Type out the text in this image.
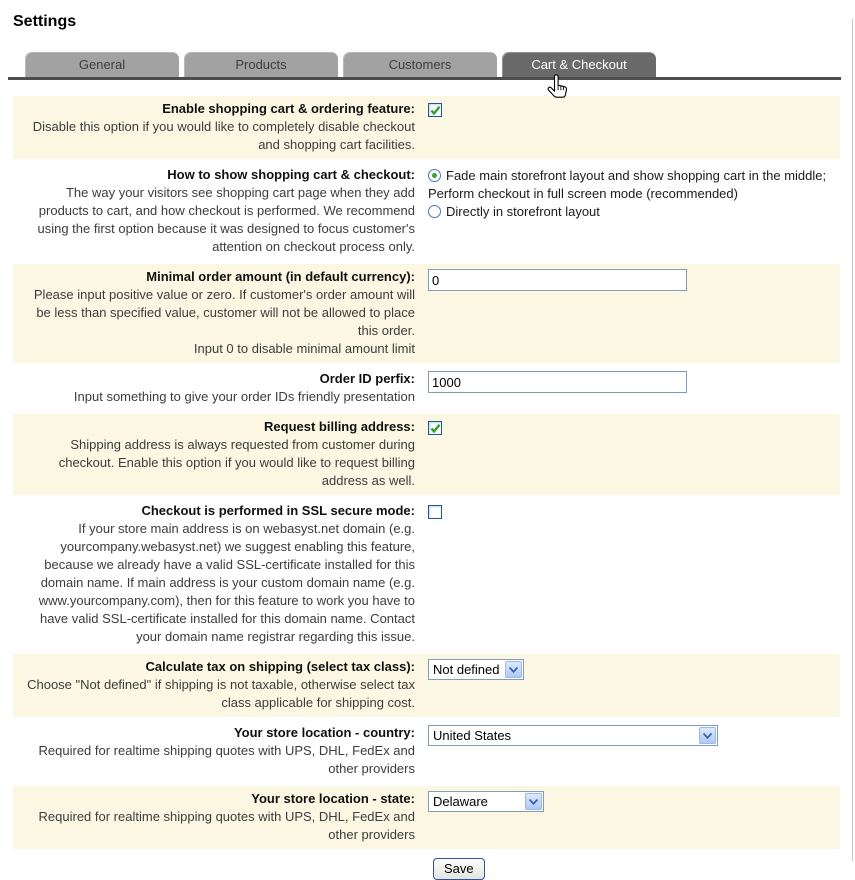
Settings
General	Products	Customers	Cart & Checkout
Enable shopping cart & ordering feature:
Disable this option if you would like to completely disable checkout and shopping cart facilities.
How to show shopping cart & checkout:
The way your visitors see shopping cart page when they add products to cart, and how checkout is performed. We recommend using the first option because it was designed to focus customer's attention on checkout process only.
Fade main storefront layout and show shopping cart in the middle; Perform checkout in full screen mode (recommended)
Directly in storefront layout
Minimal order amount (in default currency):
Please input positive value or zero. If customer's order amount will be less than specified value, customer will not be allowed to place this order.
Input 0 to disable minimal amount limit
0
Order ID perfix:
Input something to give your order IDs friendly presentation
1000
Request billing address:
Shipping address is always requested from customer during checkout. Enable this option if you would like to request billing address as well.
Checkout is performed in SSL secure mode:
If your store main address is on webasyst.net domain (e.g. yourcompany.webasyst.net) we suggest enabling this feature, because we already have a valid SSL-certificate installed for this domain name. If main address is your custom domain name (e.g. www.yourcompany.com), then for this feature to work you have to have valid SSL-certificate installed for this domain name. Contact your domain name registrar regarding this issue.
Calculate tax on shipping (select tax class):
Choose "Not defined" if shipping is not taxable, otherwise select tax class applicable for shipping cost.
Not defined
Your store location - country:
Required for realtime shipping quotes with UPS, DHL, FedEx and other providers
United States
Your store location - state:
Required for realtime shipping quotes with UPS, DHL, FedEx and other providers
Delaware
Save
